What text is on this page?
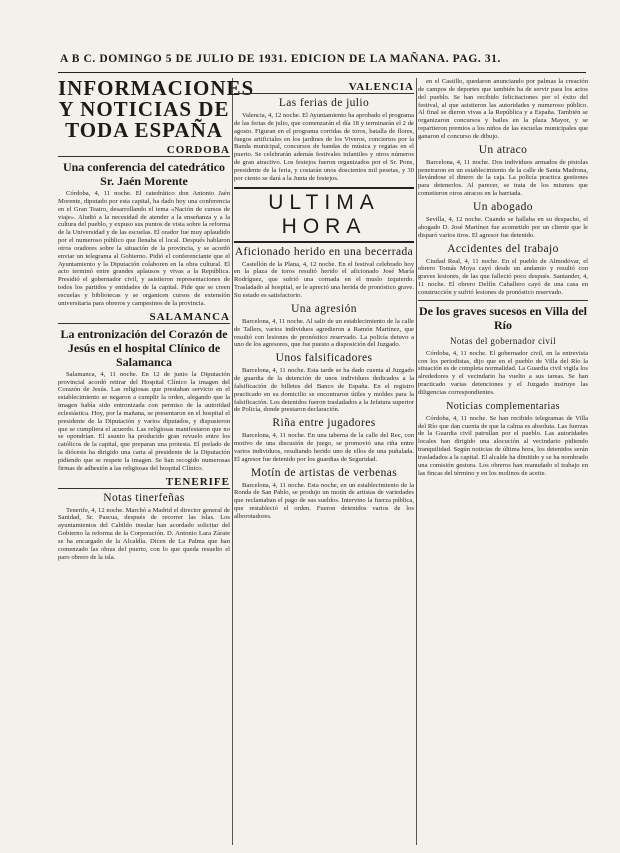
A B C. DOMINGO 5 DE JULIO DE 1931. EDICION DE LA MAÑANA. PAG. 31.
INFORMACIONES Y NOTICIAS DE TODA ESPAÑA
CORDOBA
Una conferencia del catedrático Sr. Jaén Morente

Córdoba, 4, 11 noche. El catedrático don Antonio Jaén Morente, diputado por esta capital, ha dado hoy una conferencia en el Gran Teatro, desarrollando el tema «Nación de cursos de viaje». Aludió a la necesidad de atender a la enseñanza y a la cultura del pueblo, y expuso sus puntos de vista sobre la reforma de la Universidad y de las escuelas. El orador fue muy aplaudido por el numeroso público que llenaba el local. Después hablaron otros oradores sobre la situación de la provincia, y se acordó enviar un telegrama al Gobierno. Pidió el conferenciante que el Ayuntamiento y la Diputación colaboren en la obra cultural. El acto terminó entre grandes aplausos y vivas a la República. Presidió el gobernador civil, y asistieron representaciones de todos los partidos y entidades de la capital. Pide que se creen escuelas y bibliotecas y se organicen cursos de extensión universitaria para obreros y campesinos de la provincia.

SALAMANCA
La entronización del Corazón de Jesús en el hospital Clínico de Salamanca

Salamanca, 4, 11 noche. En 12 de junio la Diputación provincial acordó retirar del Hospital Clínico la imagen del Corazón de Jesús. Las religiosas que prestaban servicio en el establecimiento se negaron a cumplir la orden, alegando que la imagen había sido entronizada con permiso de la autoridad eclesiástica. Hoy, por la mañana, se presentaron en el hospital el presidente de la Diputación y varios diputados, y dispusieron que se cumpliera el acuerdo. Las religiosas manifestaron que no se opondrían. El asunto ha producido gran revuelo entre los católicos de la capital, que preparan una protesta. El prelado de la diócesis ha dirigido una carta al presidente de la Diputación pidiendo que se respete la imagen. Se han recogido numerosas firmas de adhesión a las religiosas del hospital Clínico.

TENERIFE
Notas tinerfeñas

Tenerife, 4, 12 noche. Marchó a Madrid el director general de Sanidad, Sr. Pascua, después de recorrer las islas. Los ayuntamientos del Cabildo insular han acordado solicitar del Gobierno la reforma de la Corporación. D. Antonio Lara Zárate se ha encargado de la Alcaldía. Dicen de La Palma que han comenzado las obras del puerto, con lo que queda resuelto el paro obrero de la isla.

VALENCIA
Las ferias de julio

Valencia, 4, 12 noche. El Ayuntamiento ha aprobado el programa de las ferias de julio, que comenzarán el día 18 y terminarán el 2 de agosto. Figuran en el programa corridas de toros, batalla de flores, fuegos artificiales en los jardines de los Viveros, conciertos por la Banda municipal, concursos de bandas de música y regatas en el puerto. Se celebrarán además festivales infantiles y otros números de gran atractivo. Los festejos fueron organizados por el Sr. Pons, presidente de la feria, y costarán unos doscientos mil pesetas, y 30 por ciento se dará a la Junta de festejos.

ULTIMA HORA
Aficionado herido en una becerrada

Castellón de la Plana, 4, 12 noche. En el festival celebrado hoy en la plaza de toros resultó herido el aficionado José María Rodríguez, que sufrió una cornada en el muslo izquierdo. Trasladado al hospital, se le apreció una herida de pronóstico grave. Su estado es satisfactorio.

Una agresión

Barcelona, 4, 11 noche. Al salir de un establecimiento de la calle de Tallers, varios individuos agredieron a Ramón Martínez, que resultó con lesiones de pronóstico reservado. La policía detuvo a uno de los agresores, que fue puesto a disposición del Juzgado.

Unos falsificadores

Barcelona, 4, 11 noche. Esta tarde se ha dado cuenta al Juzgado de guardia de la detención de unos individuos dedicados a la falsificación de billetes del Banco de España. En el registro practicado en su domicilio se encontraron útiles y moldes para la falsificación. Los detenidos fueron trasladados a la Jefatura superior de Policía, donde prestaron declaración.

Riña entre jugadores

Barcelona, 4, 11 noche. En una taberna de la calle del Rec, con motivo de una discusión de juego, se promovió una riña entre varios individuos, resultando herido uno de ellos de una puñalada. El agresor fue detenido por los guardias de Seguridad.

Motín de artistas de verbenas

Barcelona, 4, 11 noche. Esta noche, en un establecimiento de la Ronda de San Pablo, se produjo un motín de artistas de variedades que reclamaban el pago de sus sueldos. Intervino la fuerza pública, que restableció el orden. Fueron detenidos varios de los alborotadores.

en el Castillo, quedaron anunciando por palmas la creación de campos de deportes que también ha de servir para los actos del pueblo. Se han recibido felicitaciones por el éxito del festival, al que asistieron las autoridades y numeroso público. Al final se dieron vivas a la República y a España. También se organizaron concursos y bailes en la plaza Mayor, y se repartieron premios a los niños de las escuelas municipales que ganaron el concurso de dibujo.

Un atraco

Barcelona, 4, 11 noche. Dos individuos armados de pistolas penetraron en un establecimiento de la calle de Santa Madrona, llevándose el dinero de la caja. La policía practica gestiones para detenerlos. Al parecer, se trata de los mismos que cometieron otros atracos en la barriada.

Un abogado

Sevilla, 4, 12 noche. Cuando se hallaba en su despacho, el abogado D. José Martínez fue acometido por un cliente que le disparó varios tiros. El agresor fue detenido.

Accidentes del trabajo

Ciudad Real, 4, 11 noche. En el pueblo de Almodóvar, el obrero Tomás Moya cayó desde un andamio y resultó con graves lesiones, de las que falleció poco después. Santander, 4, 11 noche. El obrero Delfín Caballero cayó de una casa en construcción y sufrió lesiones de pronóstico reservado.

De los graves sucesos en Villa del Río
Notas del gobernador civil

Córdoba, 4, 11 noche. El gobernador civil, en la entrevista con los periodistas, dijo que en el pueblo de Villa del Río la situación es de completa normalidad. La Guardia civil vigila los alrededores y el vecindario ha vuelto a sus tareas. Se han practicado varias detenciones y el Juzgado instruye las diligencias correspondientes.

Noticias complementarias

Córdoba, 4, 11 noche. Se han recibido telegramas de Villa del Río que dan cuenta de que la calma es absoluta. Las fuerzas de la Guardia civil patrullan por el pueblo. Las autoridades locales han dirigido una alocución al vecindario pidiendo tranquilidad. Según noticias de última hora, los detenidos serán trasladados a la capital. El alcalde ha dimitido y se ha nombrado una comisión gestora. Los obreros han reanudado el trabajo en las fincas del término y en los molinos de aceite.
